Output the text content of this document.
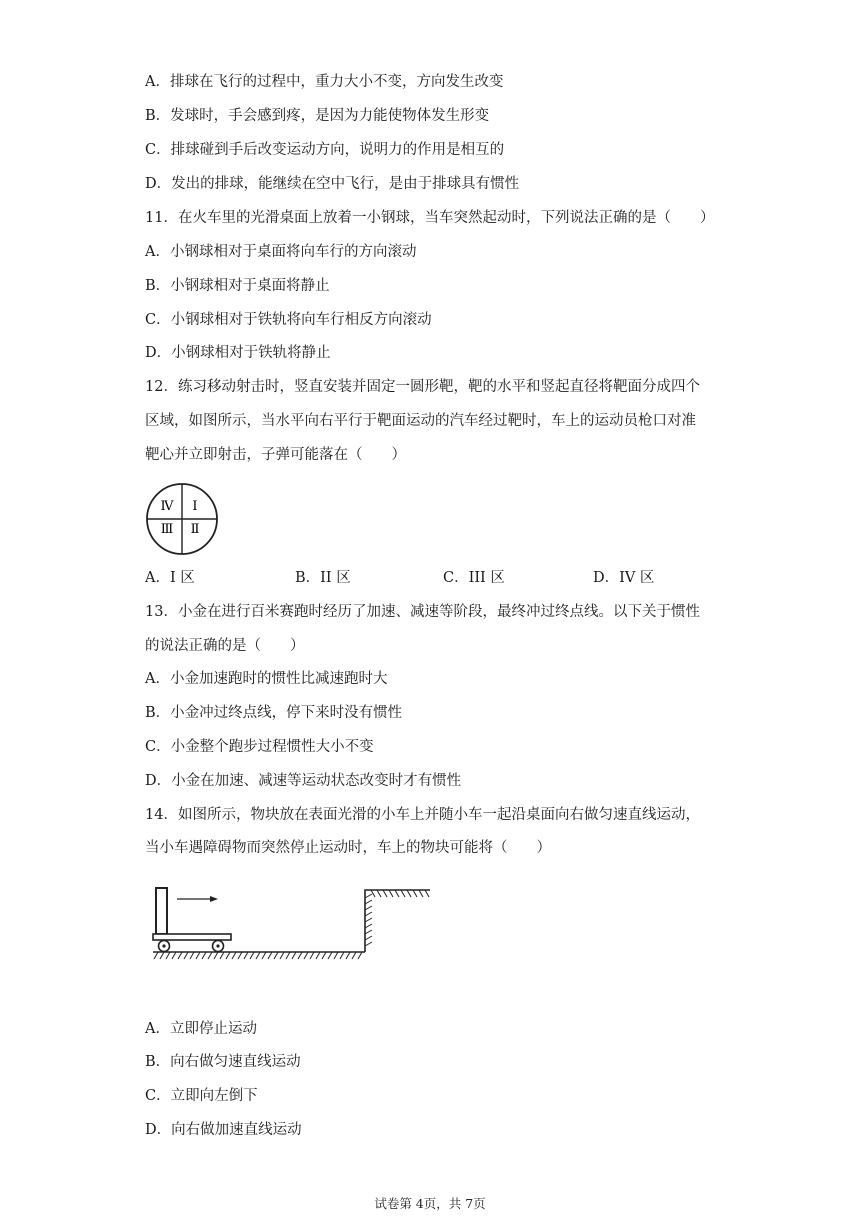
A．排球在飞行的过程中，重力大小不变，方向发生改变
B．发球时，手会感到疼，是因为力能使物体发生形变
C．排球碰到手后改变运动方向，说明力的作用是相互的
D．发出的排球，能继续在空中飞行，是由于排球具有惯性
11．在火车里的光滑桌面上放着一小钢球，当车突然起动时，下列说法正确的是（　　）
A．小钢球相对于桌面将向车行的方向滚动
B．小钢球相对于桌面将静止
C．小钢球相对于铁轨将向车行相反方向滚动
D．小钢球相对于铁轨将静止
12．练习移动射击时，竖直安装并固定一圆形靶，靶的水平和竖起直径将靶面分成四个
区域，如图所示，当水平向右平行于靶面运动的汽车经过靶时，车上的运动员枪口对准
靶心并立即射击，子弹可能落在（　　）
Ⅳ Ⅰ
Ⅲ Ⅱ
A．I 区	B．II 区	C．III 区	D．IV 区
13．小金在进行百米赛跑时经历了加速、减速等阶段，最终冲过终点线。以下关于惯性
的说法正确的是（　　）
A．小金加速跑时的惯性比减速跑时大
B．小金冲过终点线，停下来时没有惯性
C．小金整个跑步过程惯性大小不变
D．小金在加速、减速等运动状态改变时才有惯性
14．如图所示，物块放在表面光滑的小车上并随小车一起沿桌面向右做匀速直线运动，
当小车遇障碍物而突然停止运动时，车上的物块可能将（　　）
A．立即停止运动
B．向右做匀速直线运动
C．立即向左倒下
D．向右做加速直线运动
试卷第 4页，共 7页
